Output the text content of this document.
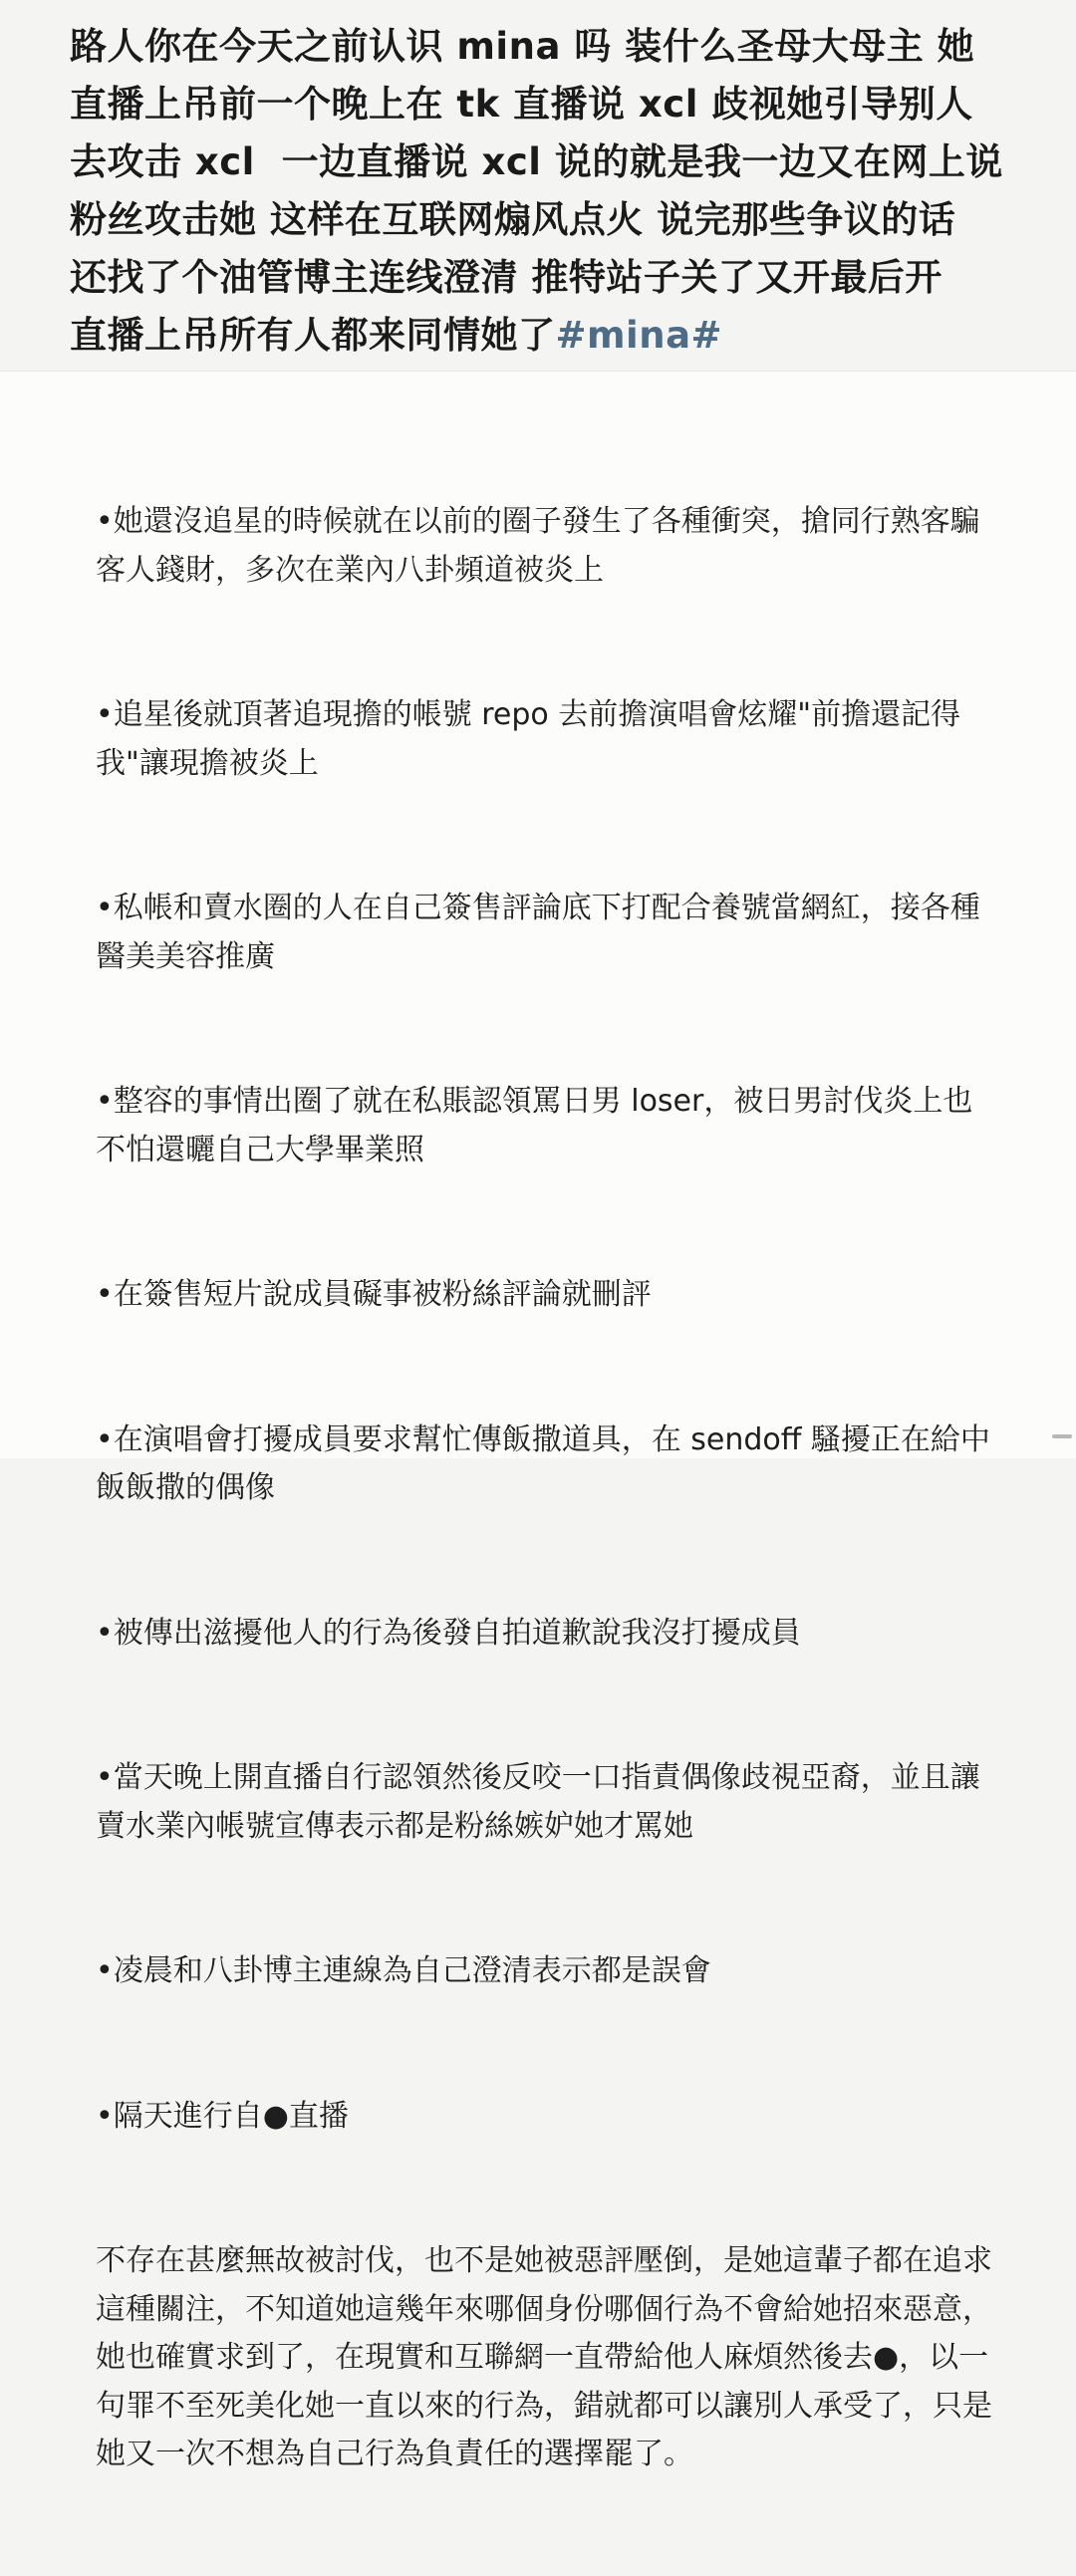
路人你在今天之前认识 mina 吗 装什么圣母大母主 她
直播上吊前一个晚上在 tk 直播说 xcl 歧视她引导别人
去攻击 xcl  一边直播说 xcl 说的就是我一边又在网上说
粉丝攻击她 这样在互联网煽风点火 说完那些争议的话
还找了个油管博主连线澄清 推特站子关了又开最后开
直播上吊所有人都来同情她了#mina#

•她還沒追星的時候就在以前的圈子發生了各種衝突，搶同行熟客騙客人錢財，多次在業內八卦頻道被炎上

•追星後就頂著追現擔的帳號 repo 去前擔演唱會炫耀"前擔還記得我"讓現擔被炎上

•私帳和賣水圈的人在自己簽售評論底下打配合養號當網紅，接各種醫美美容推廣

•整容的事情出圈了就在私賬認領罵日男 loser，被日男討伐炎上也不怕還曬自己大學畢業照

•在簽售短片說成員礙事被粉絲評論就刪評

•在演唱會打擾成員要求幫忙傳飯撒道具，在 sendoff 騷擾正在給中飯飯撒的偶像

•被傳出滋擾他人的行為後發自拍道歉說我沒打擾成員

•當天晚上開直播自行認領然後反咬一口指責偶像歧視亞裔，並且讓賣水業內帳號宣傳表示都是粉絲嫉妒她才罵她

•凌晨和八卦博主連線為自己澄清表示都是誤會

•隔天進行自●直播

不存在甚麼無故被討伐，也不是她被惡評壓倒，是她這輩子都在追求這種關注，不知道她這幾年來哪個身份哪個行為不會給她招來惡意，她也確實求到了，在現實和互聯網一直帶給他人麻煩然後去●，以一句罪不至死美化她一直以來的行為，錯就都可以讓別人承受了，只是她又一次不想為自己行為負責任的選擇罷了。
